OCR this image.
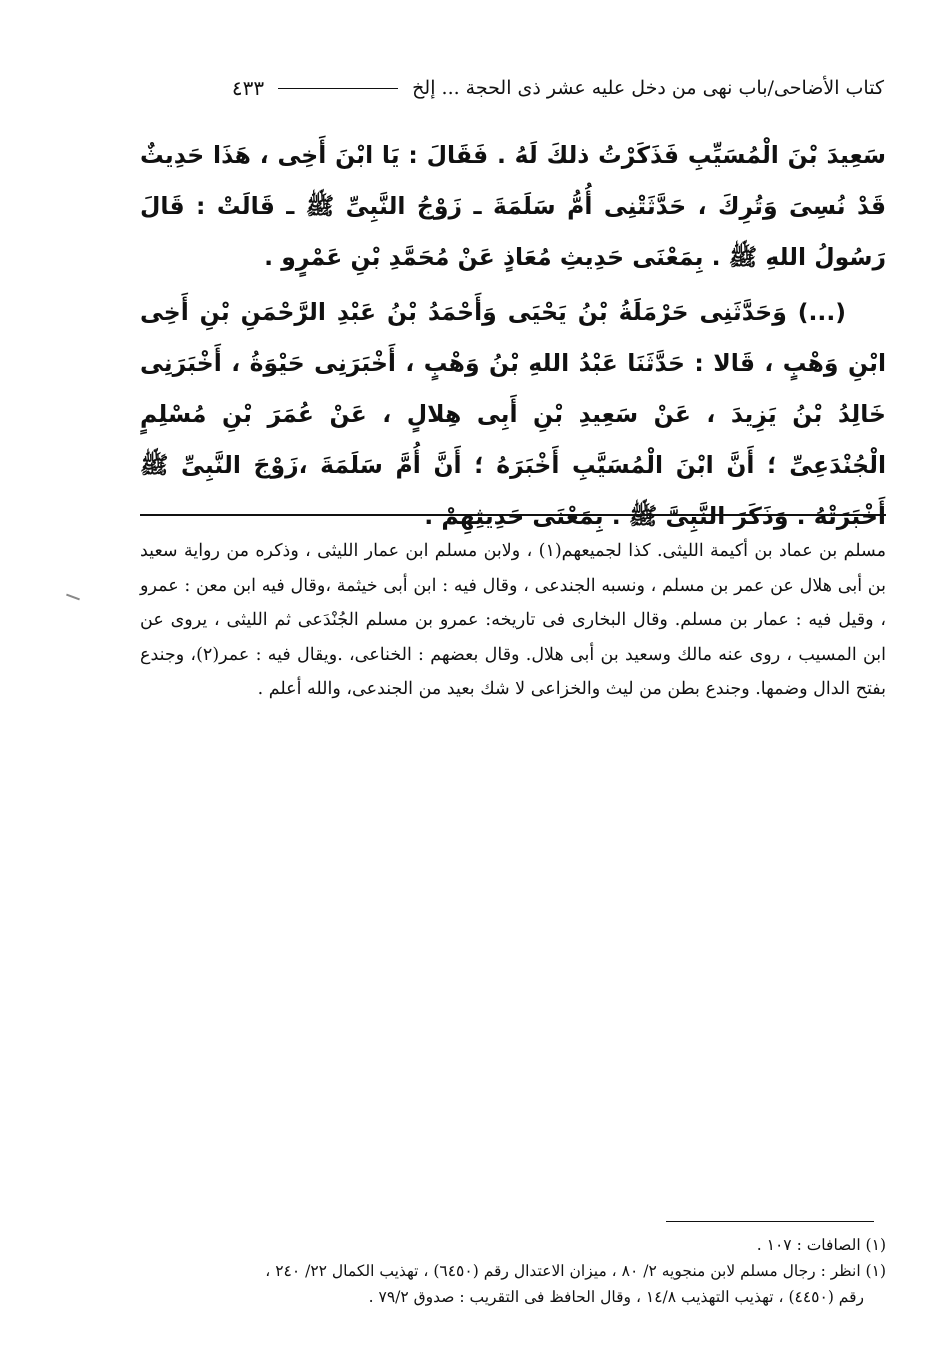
كتاب الأضاحى/باب نهى من دخل عليه عشر ذى الحجة ... إلخ
٤٣٣

سَعِيدَ بْنَ الْمُسَيِّبِ فَذَكَرْتُ ذلكَ لَهُ . فَقَالَ : يَا ابْنَ أَخِى ، هَذَا حَدِيثٌ قَدْ نُسِىَ وَتُرِكَ ، حَدَّثَتْنِى أُمُّ سَلَمَةَ ـ زَوْجُ النَّبِىِّ ﷺ ـ قَالَتْ : قَالَ رَسُولُ اللهِ ﷺ . بِمَعْنَى حَدِيثِ مُعَاذٍ عَنْ مُحَمَّدِ بْنِ عَمْرٍو .

(...) وَحَدَّثَنِى حَرْمَلَةُ بْنُ يَحْيَى وَأَحْمَدُ بْنُ عَبْدِ الرَّحْمَنِ بْنِ أَخِى ابْنِ وَهْبٍ ، قَالا : حَدَّثَنَا عَبْدُ اللهِ بْنُ وَهْبٍ ، أَخْبَرَنِى حَيْوَةُ ، أَخْبَرَنِى خَالِدُ بْنُ يَزِيدَ ، عَنْ سَعِيدِ بْنِ أَبِى هِلالٍ ، عَنْ عُمَرَ بْنِ مُسْلِمٍ الْجُنْدَعِىِّ ؛ أَنَّ ابْنَ الْمُسَيَّبِ أَخْبَرَهُ ؛ أَنَّ أُمَّ سَلَمَةَ ،زَوْجَ النَّبِىِّ ﷺ أَخْبَرَتْهُ . وَذَكَرَ النَّبِىَّ ﷺ . بِمَعْنَى حَدِيثِهِمْ .

مسلم بن عماد بن أكيمة الليثى. كذا لجميعهم(١) ، ولابن مسلم ابن عمار الليثى ، وذكره من رواية سعيد بن أبى هلال عن عمر بن مسلم ، ونسبه الجندعى ، وقال فيه : ابن أبى خيثمة ،وقال فيه ابن معن : عمرو ، وقيل فيه : عمار بن مسلم. وقال البخارى فى تاريخه: عمرو بن مسلم الجُنْدَعى ثم الليثى ، يروى عن ابن المسيب ، روى عنه مالك وسعيد بن أبى هلال. وقال بعضهم : الخناعى، .ويقال فيه : عمر(٢)، وجندع بفتح الدال وضمها. وجندع بطن من ليث والخزاعى لا شك بعيد من الجندعى، والله أعلم .

(١) الصافات : ١٠٧ .

(١) انظر : رجال مسلم لابن منجويه ٢/ ٨٠ ، ميزان الاعتدال رقم (٦٤٥٠) ، تهذيب الكمال ٢٢/ ٢٤٠ ،

رقم (٤٤٥٠) ، تهذيب التهذيب ١٤/٨ ، وقال الحافظ فى التقريب : صدوق ٧٩/٢ .
